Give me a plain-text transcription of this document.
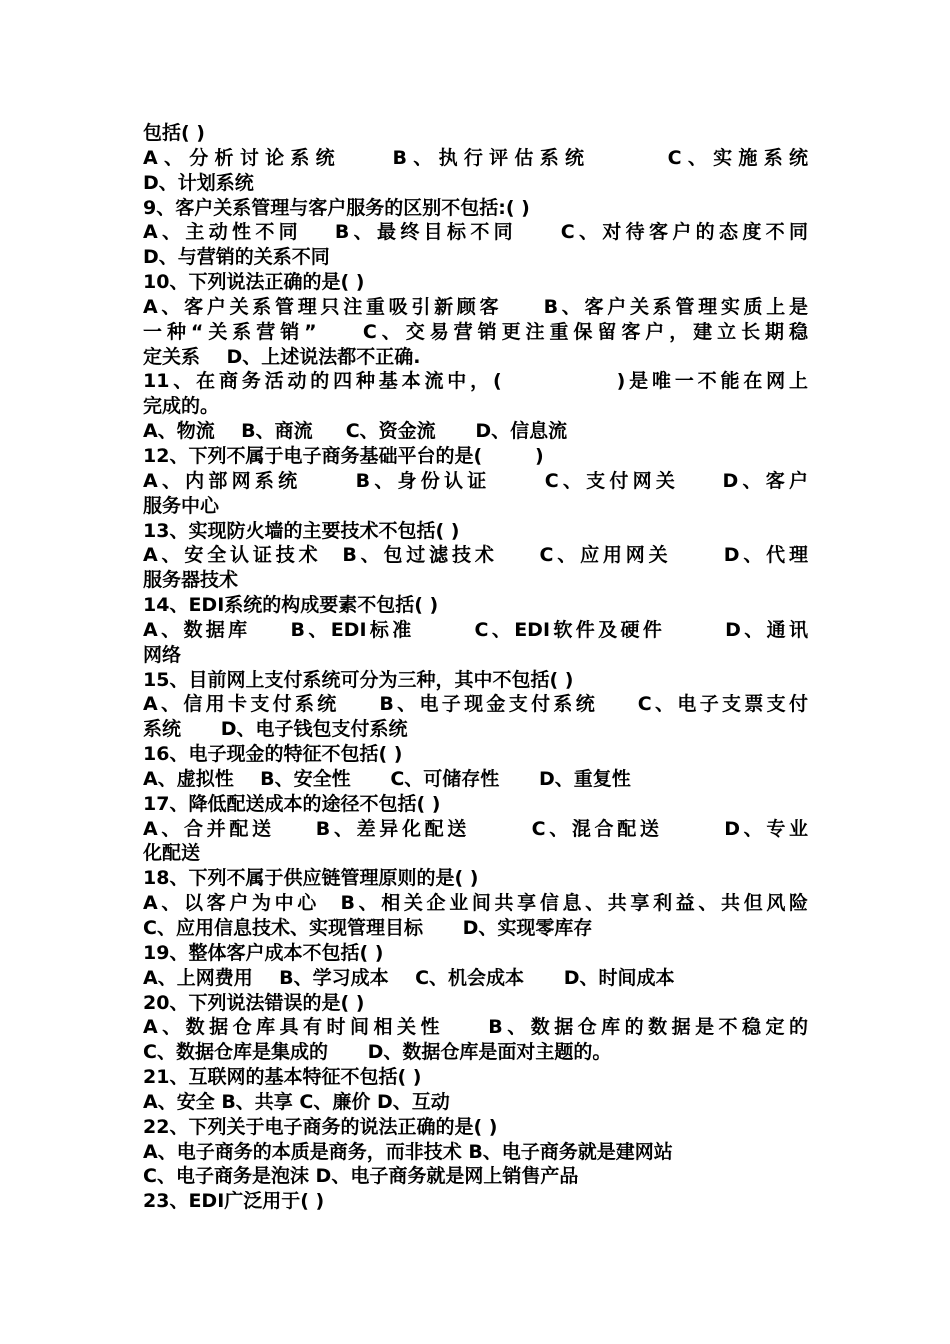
包括( )
A、分析讨论系统    B、执行评估系统      C、实施系统
D、计划系统
9、客户关系管理与客户服务的区别不包括:( )
A、主动性不同   B、最终目标不同    C、对待客户的态度不同
D、与营销的关系不同
10、下列说法正确的是( )
A、客户关系管理只注重吸引新顾客    B、客户关系管理实质上是
一种“关系营销”    C、交易营销更注重保留客户，建立长期稳
定关系    D、上述说法都不正确.
11、在商务活动的四种基本流中，(           )是唯一不能在网上
完成的。
A、物流    B、商流     C、资金流      D、信息流
12、下列不属于电子商务基础平台的是(        )
A、内部网系统     B、身份认证     C、支付网关    D、客户
服务中心
13、实现防火墙的主要技术不包括( )
A、安全认证技术  B、包过滤技术    C、应用网关     D、代理
服务器技术
14、EDI系统的构成要素不包括( )
A、数据库    B、EDI标准      C、EDI软件及硬件      D、通讯
网络
15、目前网上支付系统可分为三种，其中不包括( )
A、信用卡支付系统    B、电子现金支付系统    C、电子支票支付
系统      D、电子钱包支付系统
16、电子现金的特征不包括( )
A、虚拟性    B、安全性      C、可储存性      D、重复性
17、降低配送成本的途径不包括( )
A、合并配送    B、差异化配送      C、混合配送      D、专业
化配送
18、下列不属于供应链管理原则的是( )
A、以客户为中心  B、相关企业间共享信息、共享利益、共但风险
C、应用信息技术、实现管理目标      D、实现零库存
19、整体客户成本不包括( )
A、上网费用    B、学习成本    C、机会成本      D、时间成本
20、下列说法错误的是( )
A、数据仓库具有时间相关性    B、数据仓库的数据是不稳定的
C、数据仓库是集成的      D、数据仓库是面对主题的。
21、互联网的基本特征不包括( )
A、安全 B、共享 C、廉价 D、互动
22、下列关于电子商务的说法正确的是( )
A、电子商务的本质是商务，而非技术 B、电子商务就是建网站
C、电子商务是泡沫 D、电子商务就是网上销售产品
23、EDI广泛用于( )
